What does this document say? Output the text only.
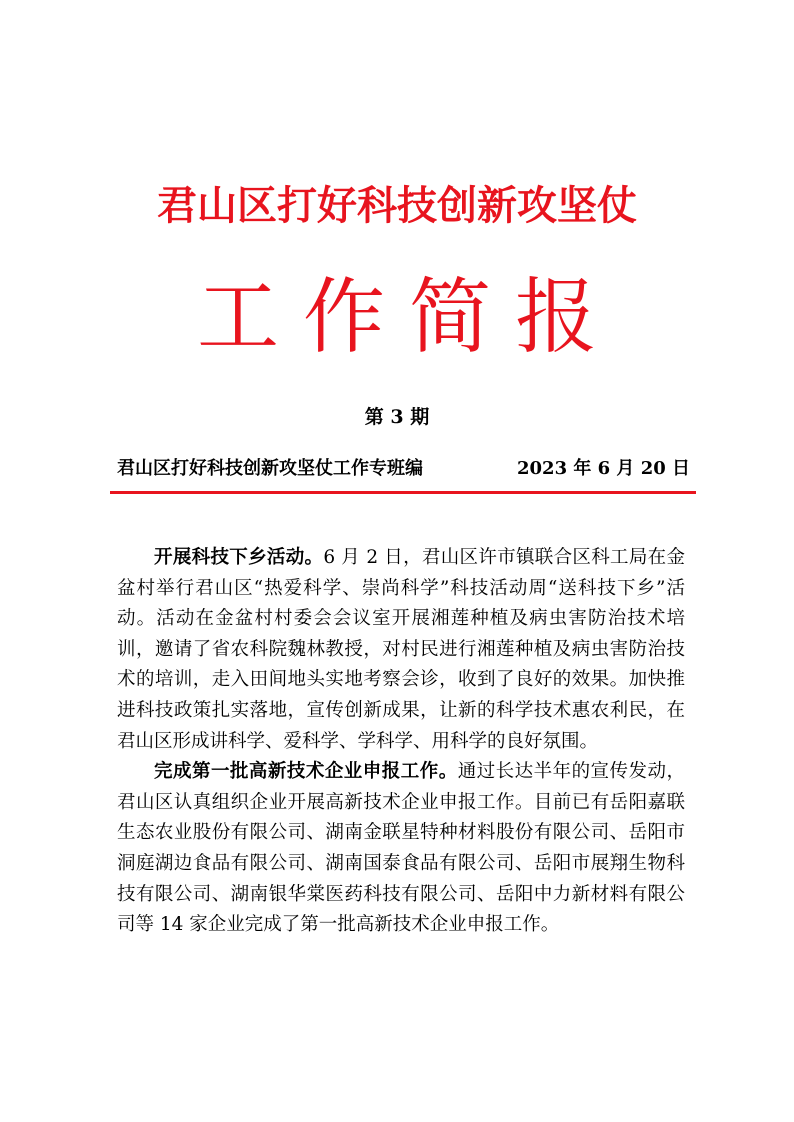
君山区打好科技创新攻坚仗
工作简报
第 3 期
君山区打好科技创新攻坚仗工作专班编	2023 年 6 月 20 日

开展科技下乡活动。6 月 2 日，君山区许市镇联合区科工局在金盆村举行君山区“热爱科学、崇尚科学”科技活动周“送科技下乡”活动。活动在金盆村村委会会议室开展湘莲种植及病虫害防治技术培训，邀请了省农科院魏林教授，对村民进行湘莲种植及病虫害防治技术的培训，走入田间地头实地考察会诊，收到了良好的效果。加快推进科技政策扎实落地，宣传创新成果，让新的科学技术惠农利民，在君山区形成讲科学、爱科学、学科学、用科学的良好氛围。

完成第一批高新技术企业申报工作。通过长达半年的宣传发动，君山区认真组织企业开展高新技术企业申报工作。目前已有岳阳嘉联生态农业股份有限公司、湖南金联星特种材料股份有限公司、岳阳市洞庭湖边食品有限公司、湖南国泰食品有限公司、岳阳市展翔生物科技有限公司、湖南银华棠医药科技有限公司、岳阳中力新材料有限公司等 14 家企业完成了第一批高新技术企业申报工作。
